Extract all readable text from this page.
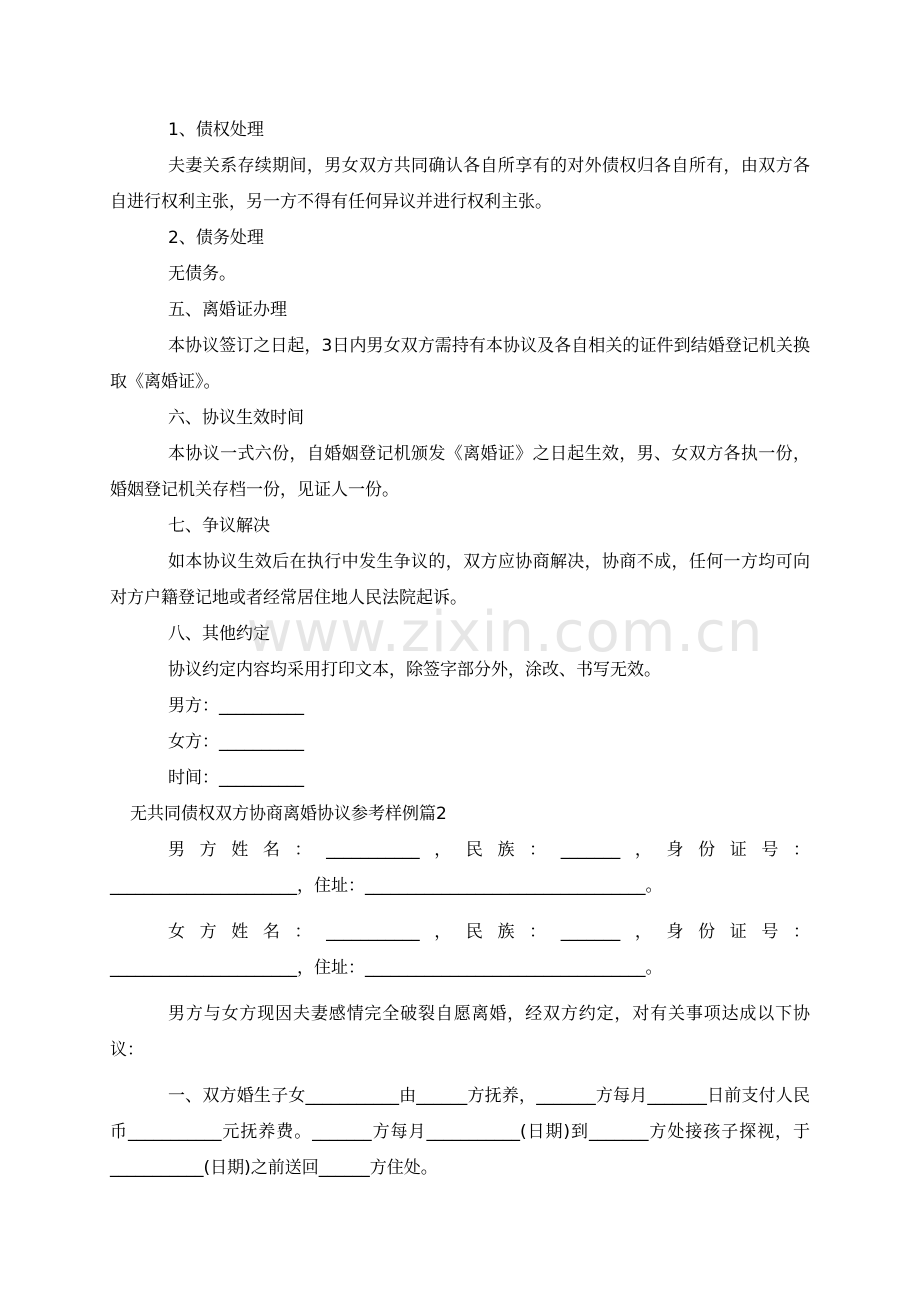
1、债权处理

夫妻关系存续期间，男女双方共同确认各自所享有的对外债权归各自所有，由双方各自进行权利主张，另一方不得有任何异议并进行权利主张。

2、债务处理

无债务。

五、离婚证办理

本协议签订之日起，3日内男女双方需持有本协议及各自相关的证件到结婚登记机关换取《离婚证》。

六、协议生效时间

本协议一式六份，自婚姻登记机颁发《离婚证》之日起生效，男、女双方各执一份，婚姻登记机关存档一份，见证人一份。

七、争议解决

如本协议生效后在执行中发生争议的，双方应协商解决，协商不成，任何一方均可向对方户籍登记地或者经常居住地人民法院起诉。

八、其他约定

协议约定内容均采用打印文本，除签字部分外，涂改、书写无效。

男方：__________

女方：__________

时间：__________

无共同债权双方协商离婚协议参考样例篇2

男 方 姓 名 ： ___________ ， 民 族 ： _______ ， 身 份 证 号 ：

______________________，住址：_________________________________。

女 方 姓 名 ： ___________ ， 民 族 ： _______ ， 身 份 证 号 ：

______________________，住址：_________________________________。

男方与女方现因夫妻感情完全破裂自愿离婚，经双方约定，对有关事项达成以下协议：

一、双方婚生子女___________由______方抚养，_______方每月_______日前支付人民币___________元抚养费。_______方每月___________(日期)到_______方处接孩子探视，于___________(日期)之前送回______方住处。

www.zixin.com.cn
